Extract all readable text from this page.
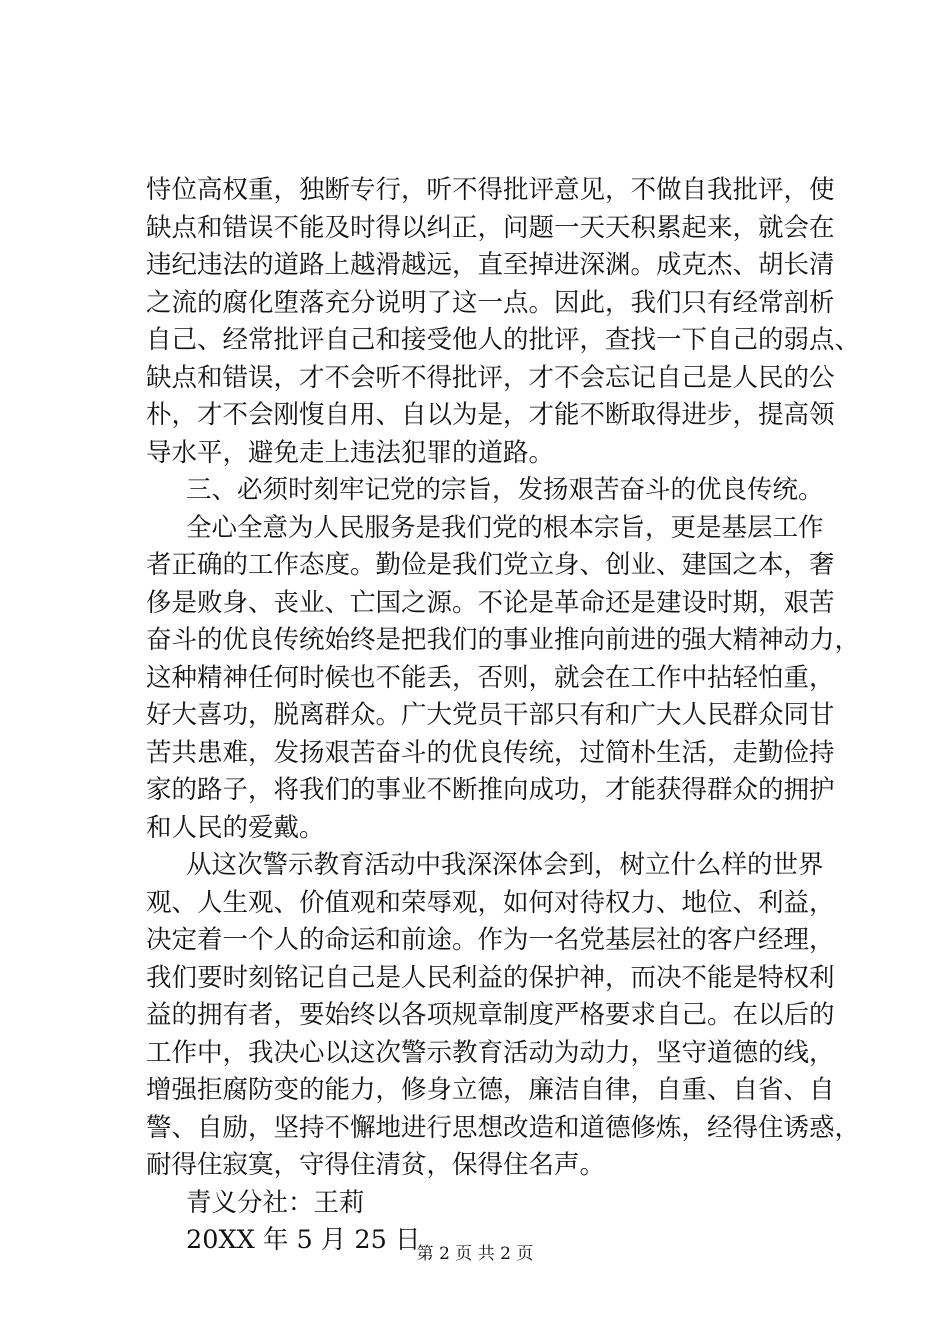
恃位高权重，独断专行，听不得批评意见，不做自我批评，使
缺点和错误不能及时得以纠正，问题一天天积累起来，就会在
违纪违法的道路上越滑越远，直至掉进深渊。成克杰、胡长清
之流的腐化堕落充分说明了这一点。因此，我们只有经常剖析
自己、经常批评自己和接受他人的批评，查找一下自己的弱点、
缺点和错误，才不会听不得批评，才不会忘记自己是人民的公
朴，才不会刚愎自用、自以为是，才能不断取得进步，提高领
导水平，避免走上违法犯罪的道路。
三、必须时刻牢记党的宗旨，发扬艰苦奋斗的优良传统。
全心全意为人民服务是我们党的根本宗旨，更是基层工作
者正确的工作态度。勤俭是我们党立身、创业、建国之本，奢
侈是败身、丧业、亡国之源。不论是革命还是建设时期，艰苦
奋斗的优良传统始终是把我们的事业推向前进的强大精神动力，
这种精神任何时候也不能丢，否则，就会在工作中拈轻怕重，
好大喜功，脱离群众。广大党员干部只有和广大人民群众同甘
苦共患难，发扬艰苦奋斗的优良传统，过简朴生活，走勤俭持
家的路子，将我们的事业不断推向成功，才能获得群众的拥护
和人民的爱戴。
从这次警示教育活动中我深深体会到，树立什么样的世界
观、人生观、价值观和荣辱观，如何对待权力、地位、利益，
决定着一个人的命运和前途。作为一名党基层社的客户经理，
我们要时刻铭记自己是人民利益的保护神，而决不能是特权利
益的拥有者，要始终以各项规章制度严格要求自己。在以后的
工作中，我决心以这次警示教育活动为动力，坚守道德的线，
增强拒腐防变的能力，修身立德，廉洁自律，自重、自省、自
警、自励，坚持不懈地进行思想改造和道德修炼，经得住诱惑，
耐得住寂寞，守得住清贫，保得住名声。
青义分社：王莉
20XX 年 5 月 25 日
第 2 页 共 2 页
